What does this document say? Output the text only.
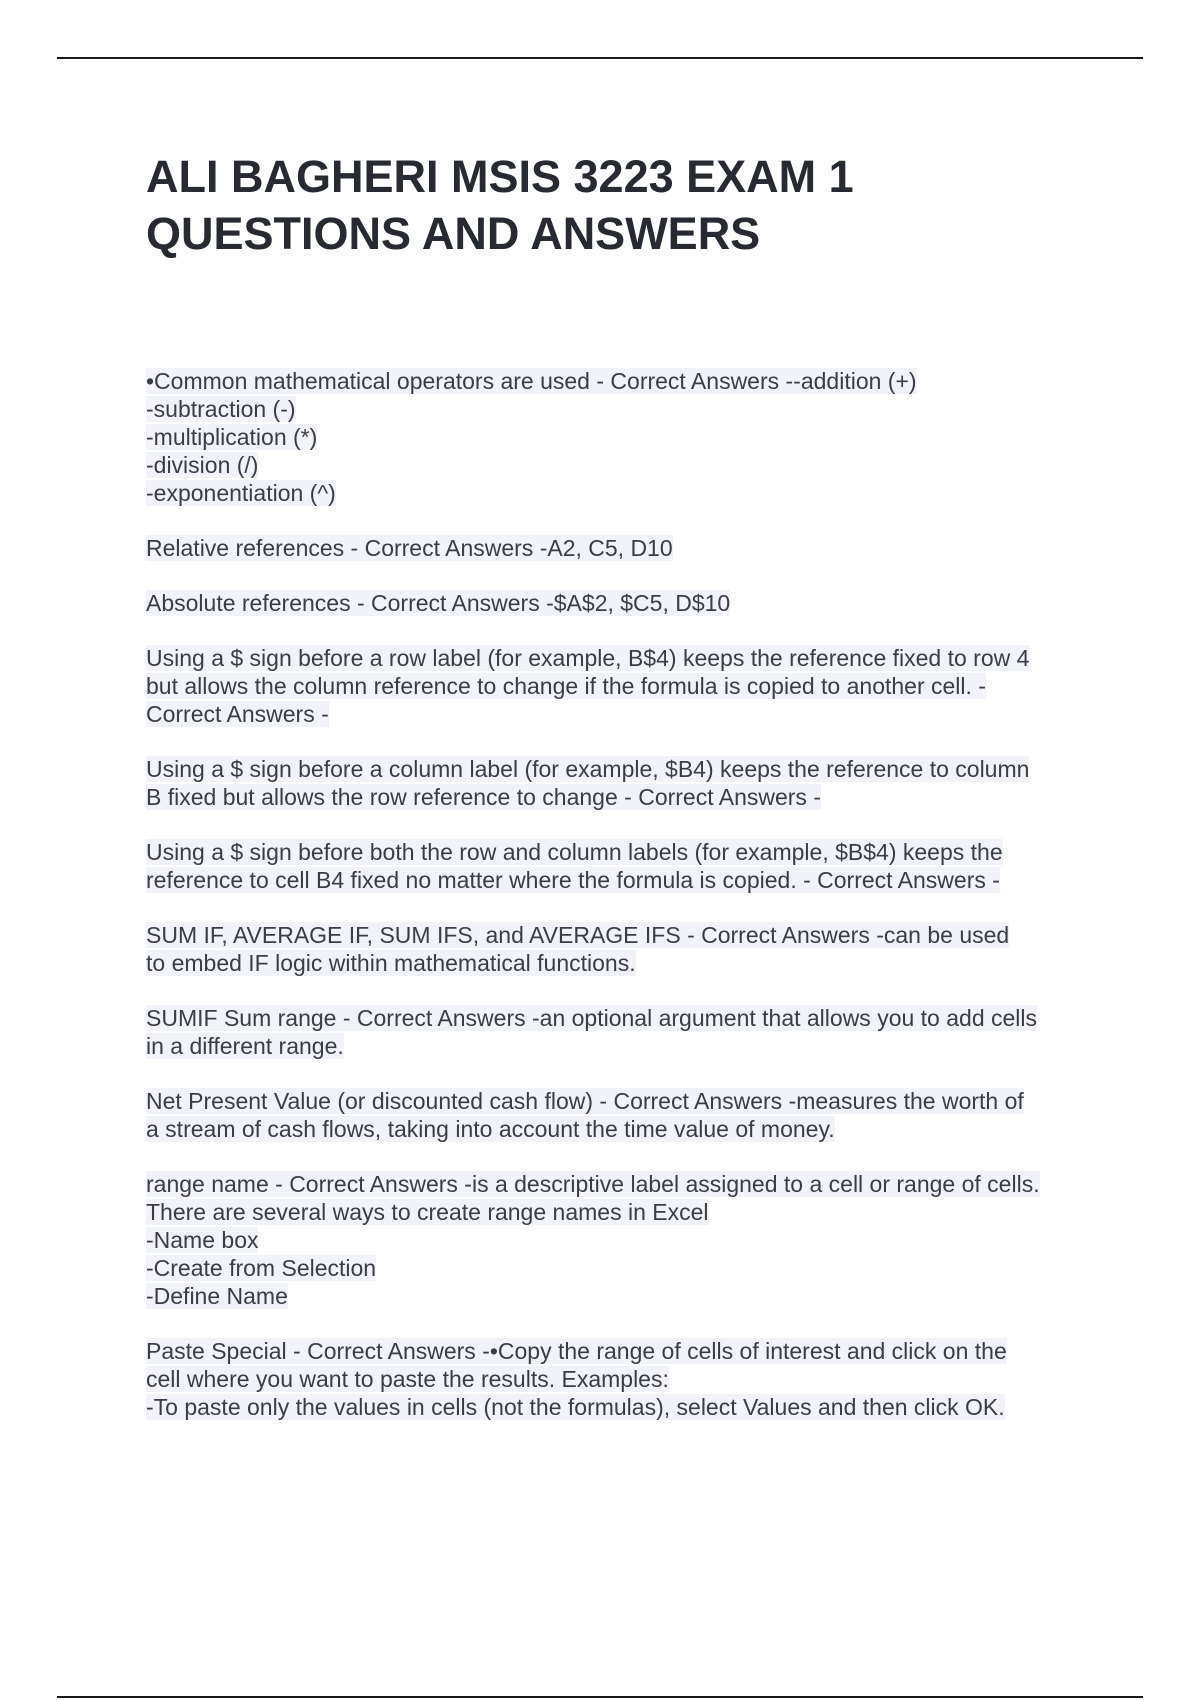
ALI BAGHERI MSIS 3223 EXAM 1
QUESTIONS AND ANSWERS

•Common mathematical operators are used - Correct Answers --addition (+)
-subtraction (-)
-multiplication (*)
-division (/)
-exponentiation (^)

Relative references - Correct Answers -A2, C5, D10

Absolute references - Correct Answers -$A$2, $C5, D$10

Using a $ sign before a row label (for example, B$4) keeps the reference fixed to row 4
but allows the column reference to change if the formula is copied to another cell. -
Correct Answers -

Using a $ sign before a column label (for example, $B4) keeps the reference to column
B fixed but allows the row reference to change - Correct Answers -

Using a $ sign before both the row and column labels (for example, $B$4) keeps the
reference to cell B4 fixed no matter where the formula is copied. - Correct Answers -

SUM IF, AVERAGE IF, SUM IFS, and AVERAGE IFS - Correct Answers -can be used
to embed IF logic within mathematical functions.

SUMIF Sum range - Correct Answers -an optional argument that allows you to add cells
in a different range.

Net Present Value (or discounted cash flow) - Correct Answers -measures the worth of
a stream of cash flows, taking into account the time value of money.

range name - Correct Answers -is a descriptive label assigned to a cell or range of cells.
There are several ways to create range names in Excel
-Name box
-Create from Selection
-Define Name

Paste Special - Correct Answers -•Copy the range of cells of interest and click on the
cell where you want to paste the results. Examples:
-To paste only the values in cells (not the formulas), select Values and then click OK.
